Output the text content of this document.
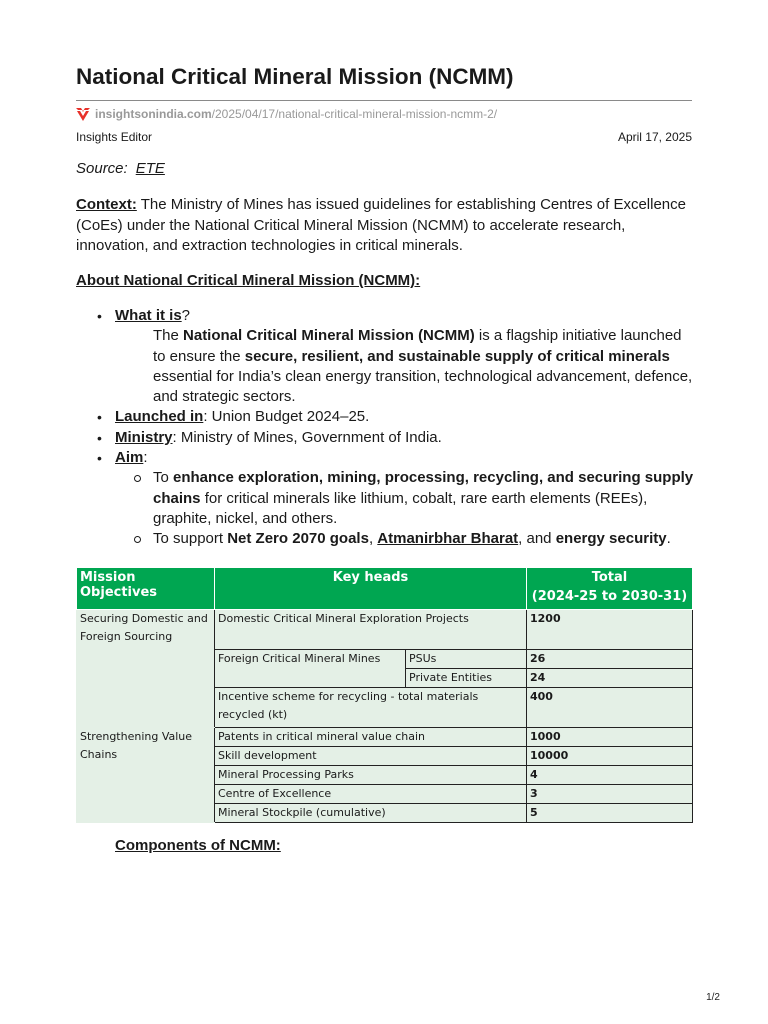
National Critical Mineral Mission (NCMM)
insightsonindia.com /2025/04/17/national-critical-mineral-mission-ncmm-2/
Insights Editor	April 17, 2025
Source: ETE
Context: The Ministry of Mines has issued guidelines for establishing Centres of Excellence (CoEs) under the National Critical Mineral Mission (NCMM) to accelerate research, innovation, and extraction technologies in critical minerals.
About National Critical Mineral Mission (NCMM):
• What it is?
The National Critical Mineral Mission (NCMM) is a flagship initiative launched to ensure the secure, resilient, and sustainable supply of critical minerals essential for India’s clean energy transition, technological advancement, defence, and strategic sectors.
• Launched in: Union Budget 2024–25.
• Ministry: Ministry of Mines, Government of India.
• Aim:
To enhance exploration, mining, processing, recycling, and securing supply chains for critical minerals like lithium, cobalt, rare earth elements (REEs), graphite, nickel, and others.
To support Net Zero 2070 goals, Atmanirbhar Bharat, and energy security.
Mission Objectives	Key heads		Total
(2024-25 to 2030-31)

Securing Domestic and Foreign Sourcing	Domestic Critical Mineral Exploration Projects		1200
	Foreign Critical Mineral Mines	PSUs	26
		Private Entities	24
	Incentive scheme for recycling - total materials recycled (kt)		400
Strengthening Value Chains	Patents in critical mineral value chain		1000
	Skill development		10000
	Mineral Processing Parks		4
	Centre of Excellence		3
	Mineral Stockpile (cumulative)		5
Components of NCMM:
1/2
